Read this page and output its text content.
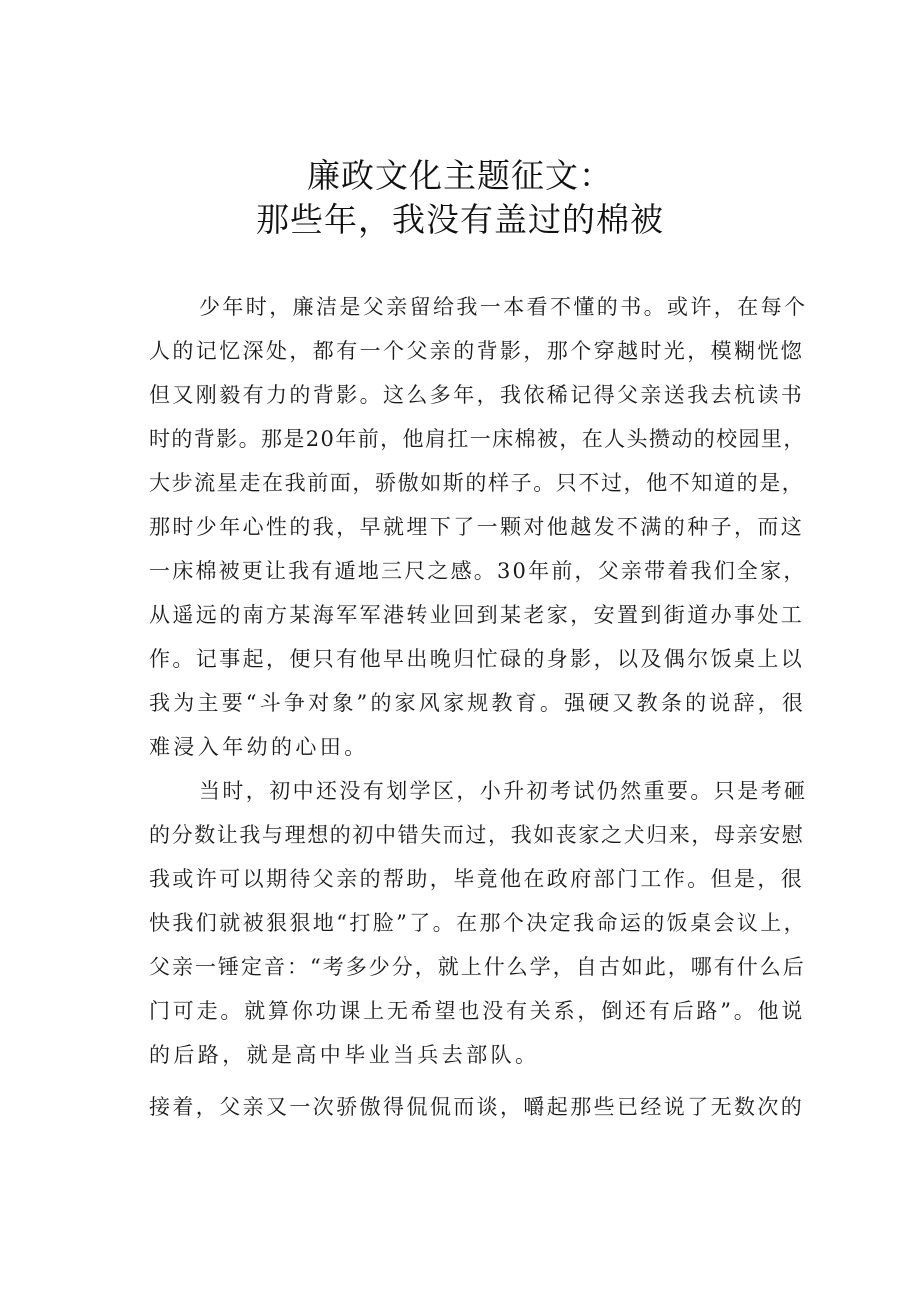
廉政文化主题征文：
那些年，我没有盖过的棉被
少年时，廉洁是父亲留给我一本看不懂的书。或许，在每个
人的记忆深处，都有一个父亲的背影，那个穿越时光，模糊恍惚
但又刚毅有力的背影。这么多年，我依稀记得父亲送我去杭读书
时的背影。那是20年前，他肩扛一床棉被，在人头攒动的校园里，
大步流星走在我前面，骄傲如斯的样子。只不过，他不知道的是，
那时少年心性的我，早就埋下了一颗对他越发不满的种子，而这
一床棉被更让我有遁地三尺之感。30年前，父亲带着我们全家，
从遥远的南方某海军军港转业回到某老家，安置到街道办事处工
作。记事起，便只有他早出晚归忙碌的身影，以及偶尔饭桌上以
我为主要“斗争对象”的家风家规教育。强硬又教条的说辞，很
难浸入年幼的心田。
当时，初中还没有划学区，小升初考试仍然重要。只是考砸
的分数让我与理想的初中错失而过，我如丧家之犬归来，母亲安慰
我或许可以期待父亲的帮助，毕竟他在政府部门工作。但是，很
快我们就被狠狠地“打脸”了。在那个决定我命运的饭桌会议上，
父亲一锤定音：“考多少分，就上什么学，自古如此，哪有什么后
门可走。就算你功课上无希望也没有关系，倒还有后路”。他说
的后路，就是高中毕业当兵去部队。
接着，父亲又一次骄傲得侃侃而谈，嚼起那些已经说了无数次的
